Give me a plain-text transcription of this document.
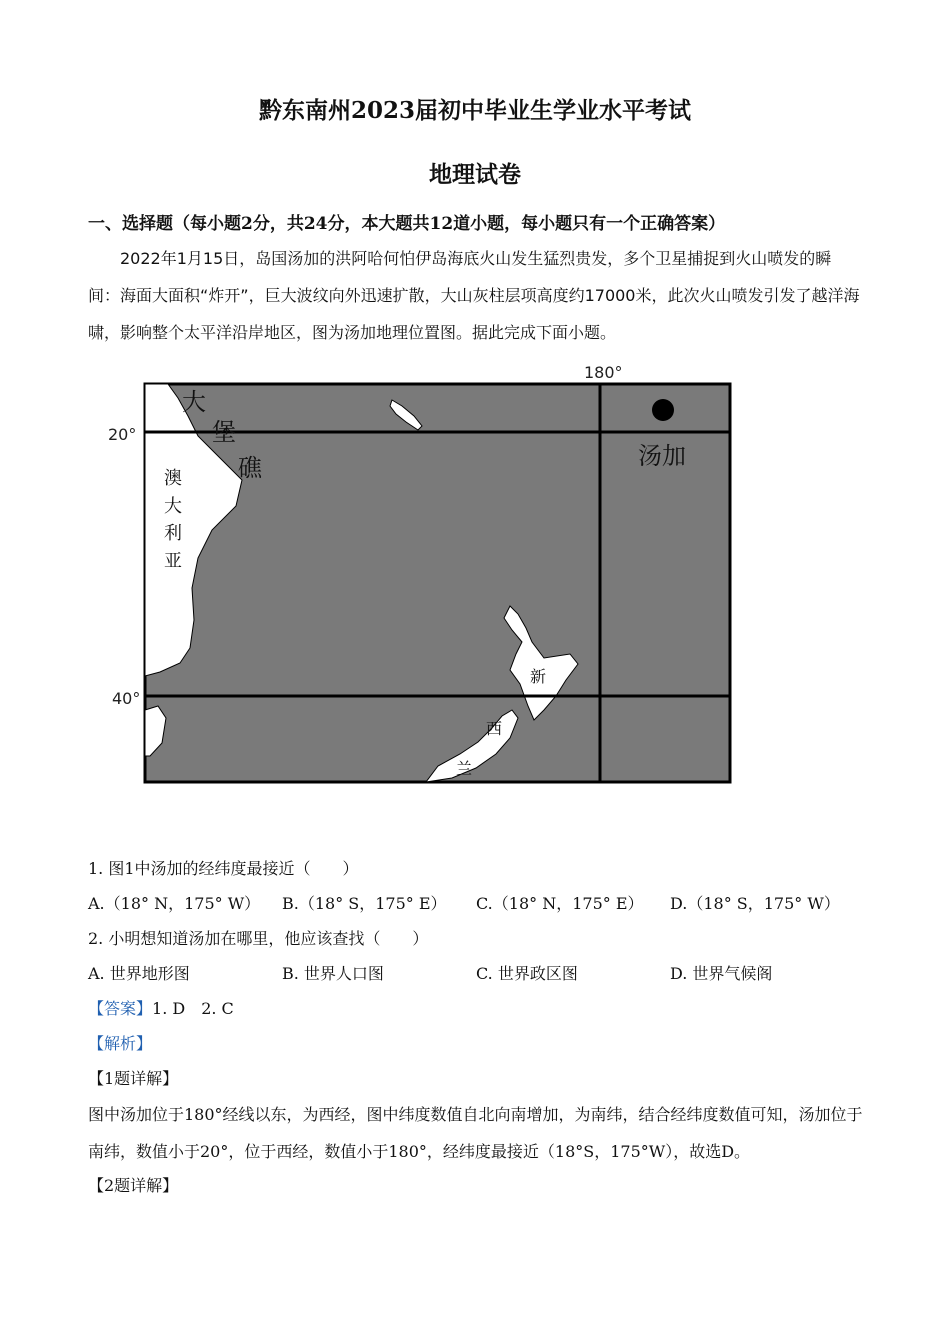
黔东南州2023届初中毕业生学业水平考试
地理试卷
一、选择题（每小题2分，共24分，本大题共12道小题，每小题只有一个正确答案）

2022年1月15日，岛国汤加的洪阿哈何怕伊岛海底火山发生猛烈贵发，多个卫星捕捉到火山喷发的瞬间：海面大面积“炸开”，巨大波纹向外迅速扩散，大山灰柱层项高度约17000米，此次火山喷发引发了越洋海啸，影响整个太平洋沿岸地区，图为汤加地理位置图。据此完成下面小题。

180°
20°
40°
大
堡
礁
澳
大
利
亚
汤加
新
西
兰
1. 图1中汤加的经纬度最接近（　　）
A.（18° N，175° W） B.（18° S，175° E） C.（18° N，175° E） D.（18° S，175° W）
2. 小明想知道汤加在哪里，他应该查找（　　）
A. 世界地形图	B. 世界人口图	C. 世界政区图	D. 世界气候阁
【答案】1. D　2. C
【解析】
【1题详解】
图中汤加位于180°经线以东，为西经，图中纬度数值自北向南增加，为南纬，结合经纬度数值可知，汤加位于南纬，数值小于20°，位于西经，数值小于180°，经纬度最接近（18°S，175°W），故选D。
【2题详解】
